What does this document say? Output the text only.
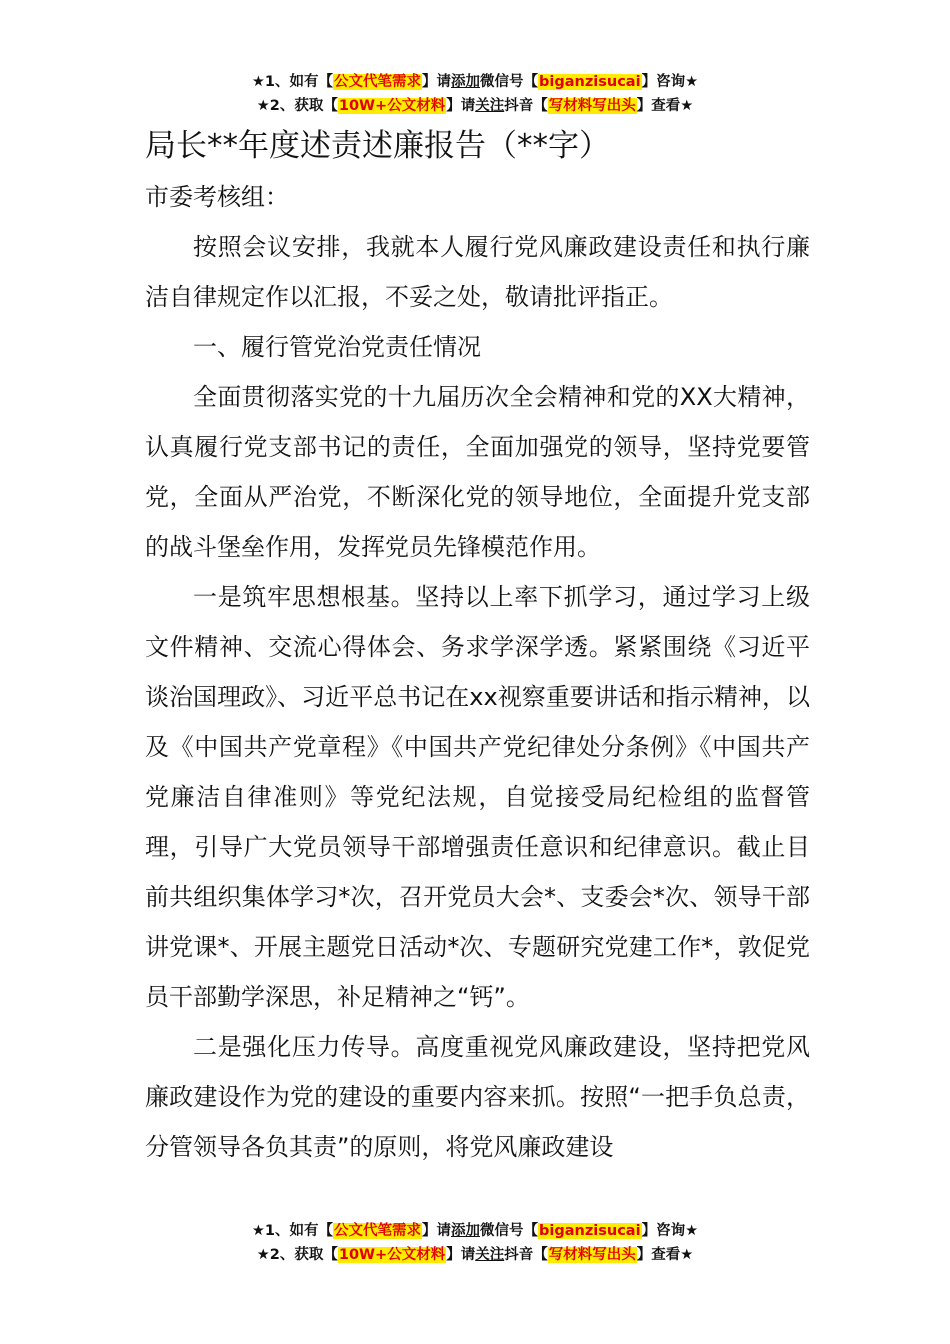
★1、如有【公文代笔需求】请添加微信号【biganzisucai】咨询★
★2、获取【10W+公文材料】请关注抖音【写材料写出头】查看★
局长**年度述责述廉报告（**字）

市委考核组：

按照会议安排，我就本人履行党风廉政建设责任和执行廉洁自律规定作以汇报，不妥之处，敬请批评指正。

一、履行管党治党责任情况

全面贯彻落实党的十九届历次全会精神和党的XX大精神，认真履行党支部书记的责任，全面加强党的领导，坚持党要管党，全面从严治党，不断深化党的领导地位，全面提升党支部的战斗堡垒作用，发挥党员先锋模范作用。

一是筑牢思想根基。坚持以上率下抓学习，通过学习上级文件精神、交流心得体会、务求学深学透。紧紧围绕《习近平谈治国理政》、习近平总书记在xx视察重要讲话和指示精神，以及《中国共产党章程》《中国共产党纪律处分条例》《中国共产党廉洁自律准则》等党纪法规，自觉接受局纪检组的监督管理，引导广大党员领导干部增强责任意识和纪律意识。截止目前共组织集体学习*次，召开党员大会*、支委会*次、领导干部讲党课*、开展主题党日活动*次、专题研究党建工作*，敦促党员干部勤学深思，补足精神之“钙”。

二是强化压力传导。高度重视党风廉政建设，坚持把党风廉政建设作为党的建设的重要内容来抓。按照“一把手负总责，分管领导各负其责”的原则，将党风廉政建设

★1、如有【公文代笔需求】请添加微信号【biganzisucai】咨询★
★2、获取【10W+公文材料】请关注抖音【写材料写出头】查看★
